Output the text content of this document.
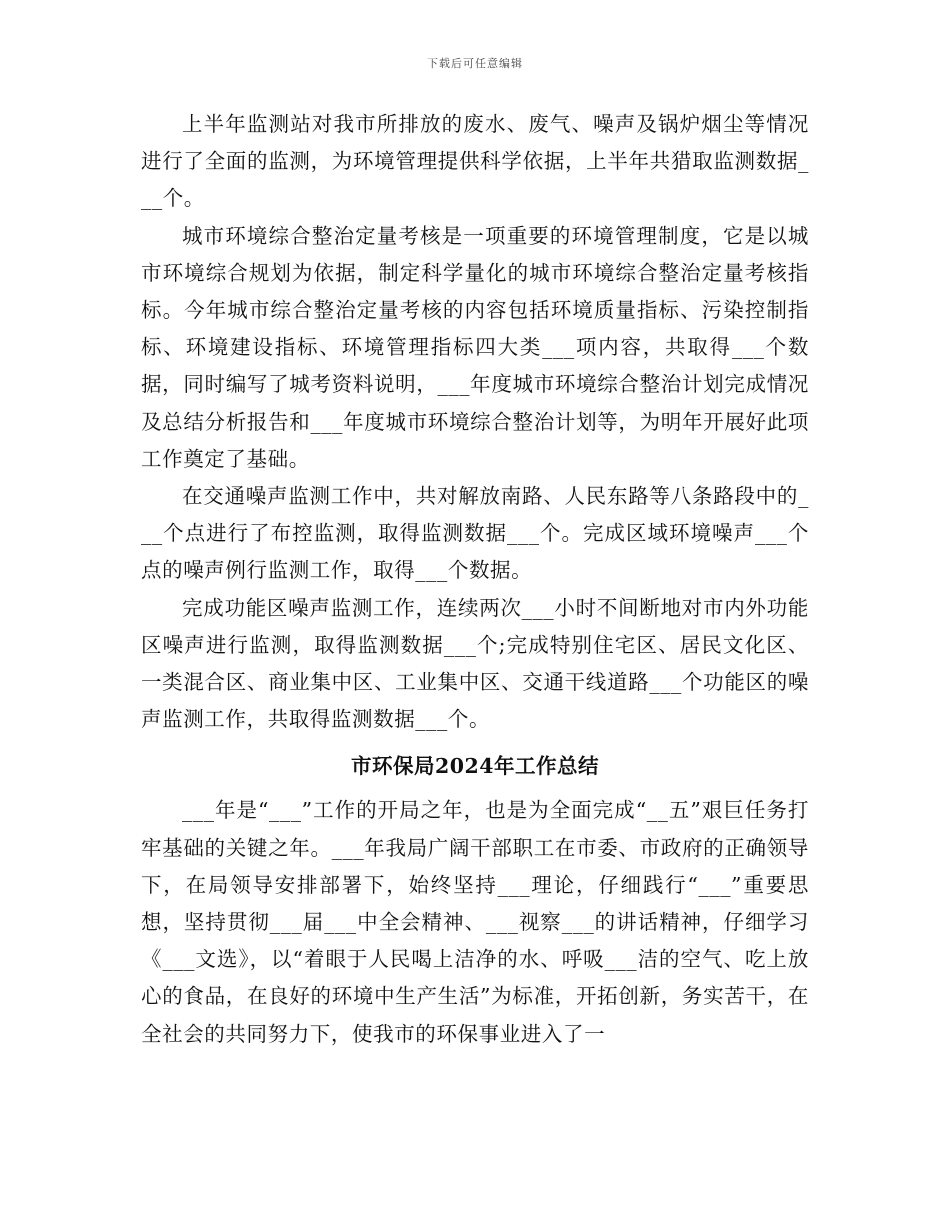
下载后可任意编辑

上半年监测站对我市所排放的废水、废气、噪声及锅炉烟尘等情况进行了全面的监测，为环境管理提供科学依据，上半年共猎取监测数据___个。

城市环境综合整治定量考核是一项重要的环境管理制度，它是以城市环境综合规划为依据，制定科学量化的城市环境综合整治定量考核指标。今年城市综合整治定量考核的内容包括环境质量指标、污染控制指标、环境建设指标、环境管理指标四大类___项内容，共取得___个数据，同时编写了城考资料说明，___年度城市环境综合整治计划完成情况及总结分析报告和___年度城市环境综合整治计划等，为明年开展好此项工作奠定了基础。

在交通噪声监测工作中，共对解放南路、人民东路等八条路段中的___个点进行了布控监测，取得监测数据___个。完成区域环境噪声___个点的噪声例行监测工作，取得___个数据。

完成功能区噪声监测工作，连续两次___小时不间断地对市内外功能区噪声进行监测，取得监测数据___个;完成特别住宅区、居民文化区、一类混合区、商业集中区、工业集中区、交通干线道路___个功能区的噪声监测工作，共取得监测数据___个。

市环保局2024年工作总结

___年是“___”工作的开局之年，也是为全面完成“__五”艰巨任务打牢基础的关键之年。___年我局广阔干部职工在市委、市政府的正确领导下，在局领导安排部署下，始终坚持___理论，仔细践行“___”重要思想，坚持贯彻___届___中全会精神、___视察___的讲话精神，仔细学习《___文选》，以“着眼于人民喝上洁净的水、呼吸___洁的空气、吃上放心的食品，在良好的环境中生产生活”为标准，开拓创新，务实苦干，在全社会的共同努力下，使我市的环保事业进入了一
